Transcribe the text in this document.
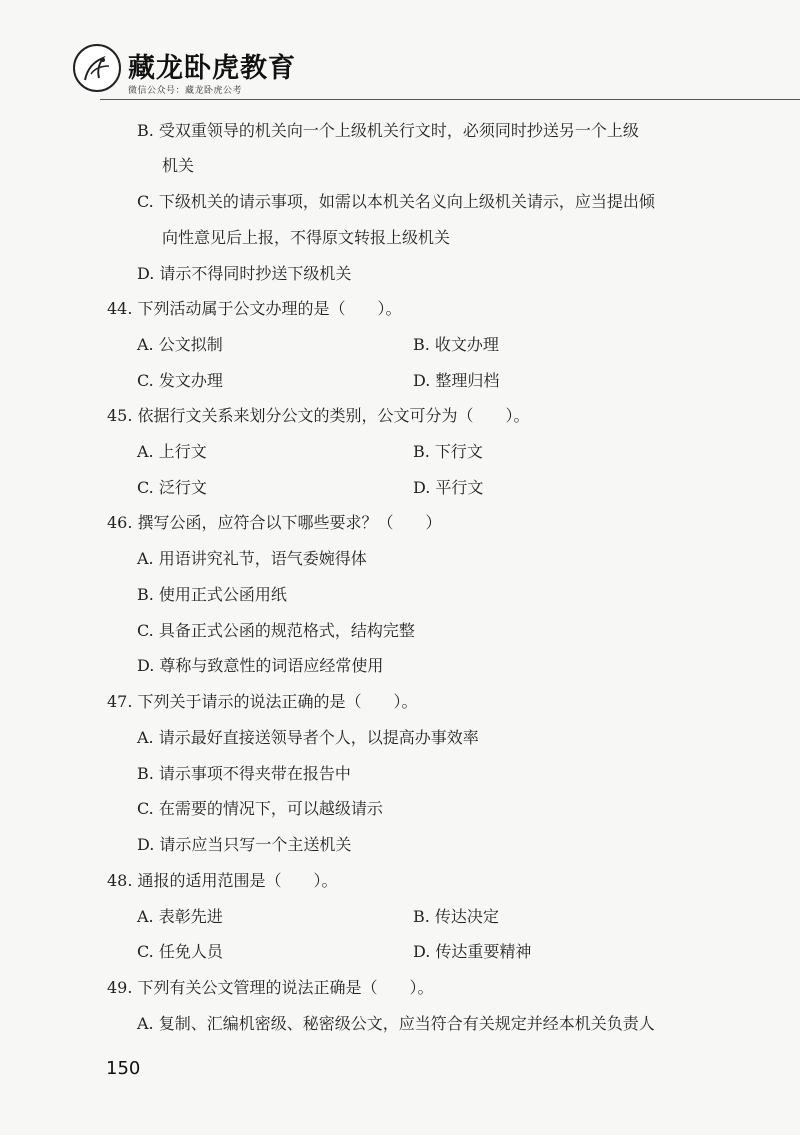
藏龙卧虎教育
微信公众号：藏龙卧虎公考
B. 受双重领导的机关向一个上级机关行文时，必须同时抄送另一个上级
机关
C. 下级机关的请示事项，如需以本机关名义向上级机关请示，应当提出倾
向性意见后上报，不得原文转报上级机关
D. 请示不得同时抄送下级机关
44. 下列活动属于公文办理的是（　　）。
A. 公文拟制	B. 收文办理
C. 发文办理	D. 整理归档
45. 依据行文关系来划分公文的类别，公文可分为（　　）。
A. 上行文	B. 下行文
C. 泛行文	D. 平行文
46. 撰写公函，应符合以下哪些要求？（　　）
A. 用语讲究礼节，语气委婉得体
B. 使用正式公函用纸
C. 具备正式公函的规范格式，结构完整
D. 尊称与致意性的词语应经常使用
47. 下列关于请示的说法正确的是（　　）。
A. 请示最好直接送领导者个人，以提高办事效率
B. 请示事项不得夹带在报告中
C. 在需要的情况下，可以越级请示
D. 请示应当只写一个主送机关
48. 通报的适用范围是（　　）。
A. 表彰先进	B. 传达决定
C. 任免人员	D. 传达重要精神
49. 下列有关公文管理的说法正确是（　　）。
A. 复制、汇编机密级、秘密级公文，应当符合有关规定并经本机关负责人
150
